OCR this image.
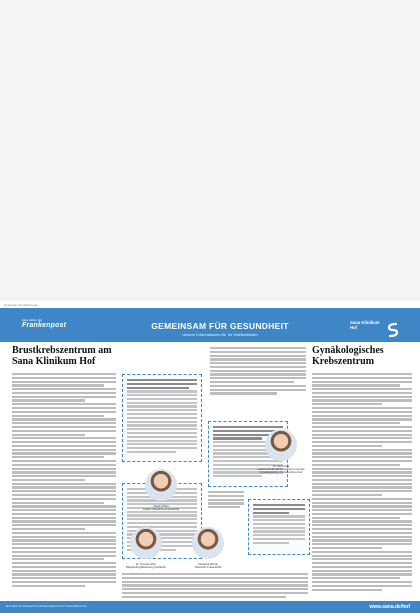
Anzeigen Sonderthema
Eine Aktion der
Frankenpost	GEMEINSAM FÜR GESUNDHEIT
Unsere Informationen für Ihr Wohlbefinden
Sana Klinikum
Hof
Brustkrebszentrum am Sana Klinikum Hof
Gynäkologisches Krebszentrum
Carolin Plaza
Leiterin Oberärztin Frauenklinik
Dr. Liane Vogt
Leiterin des Brustkrebszentrums und des Gynäkologischen Krebszentrums Hof
Dr. Thomas Götzi
Pflegeleitung/Betreuung Chefärztin
Katharina Wetzel
Oberärztin Frauenklinik
Eine Aktion der Frankenpost in Zusammenarbeit mit dem Sana Klinikum Hof	www.sana.de/hof
